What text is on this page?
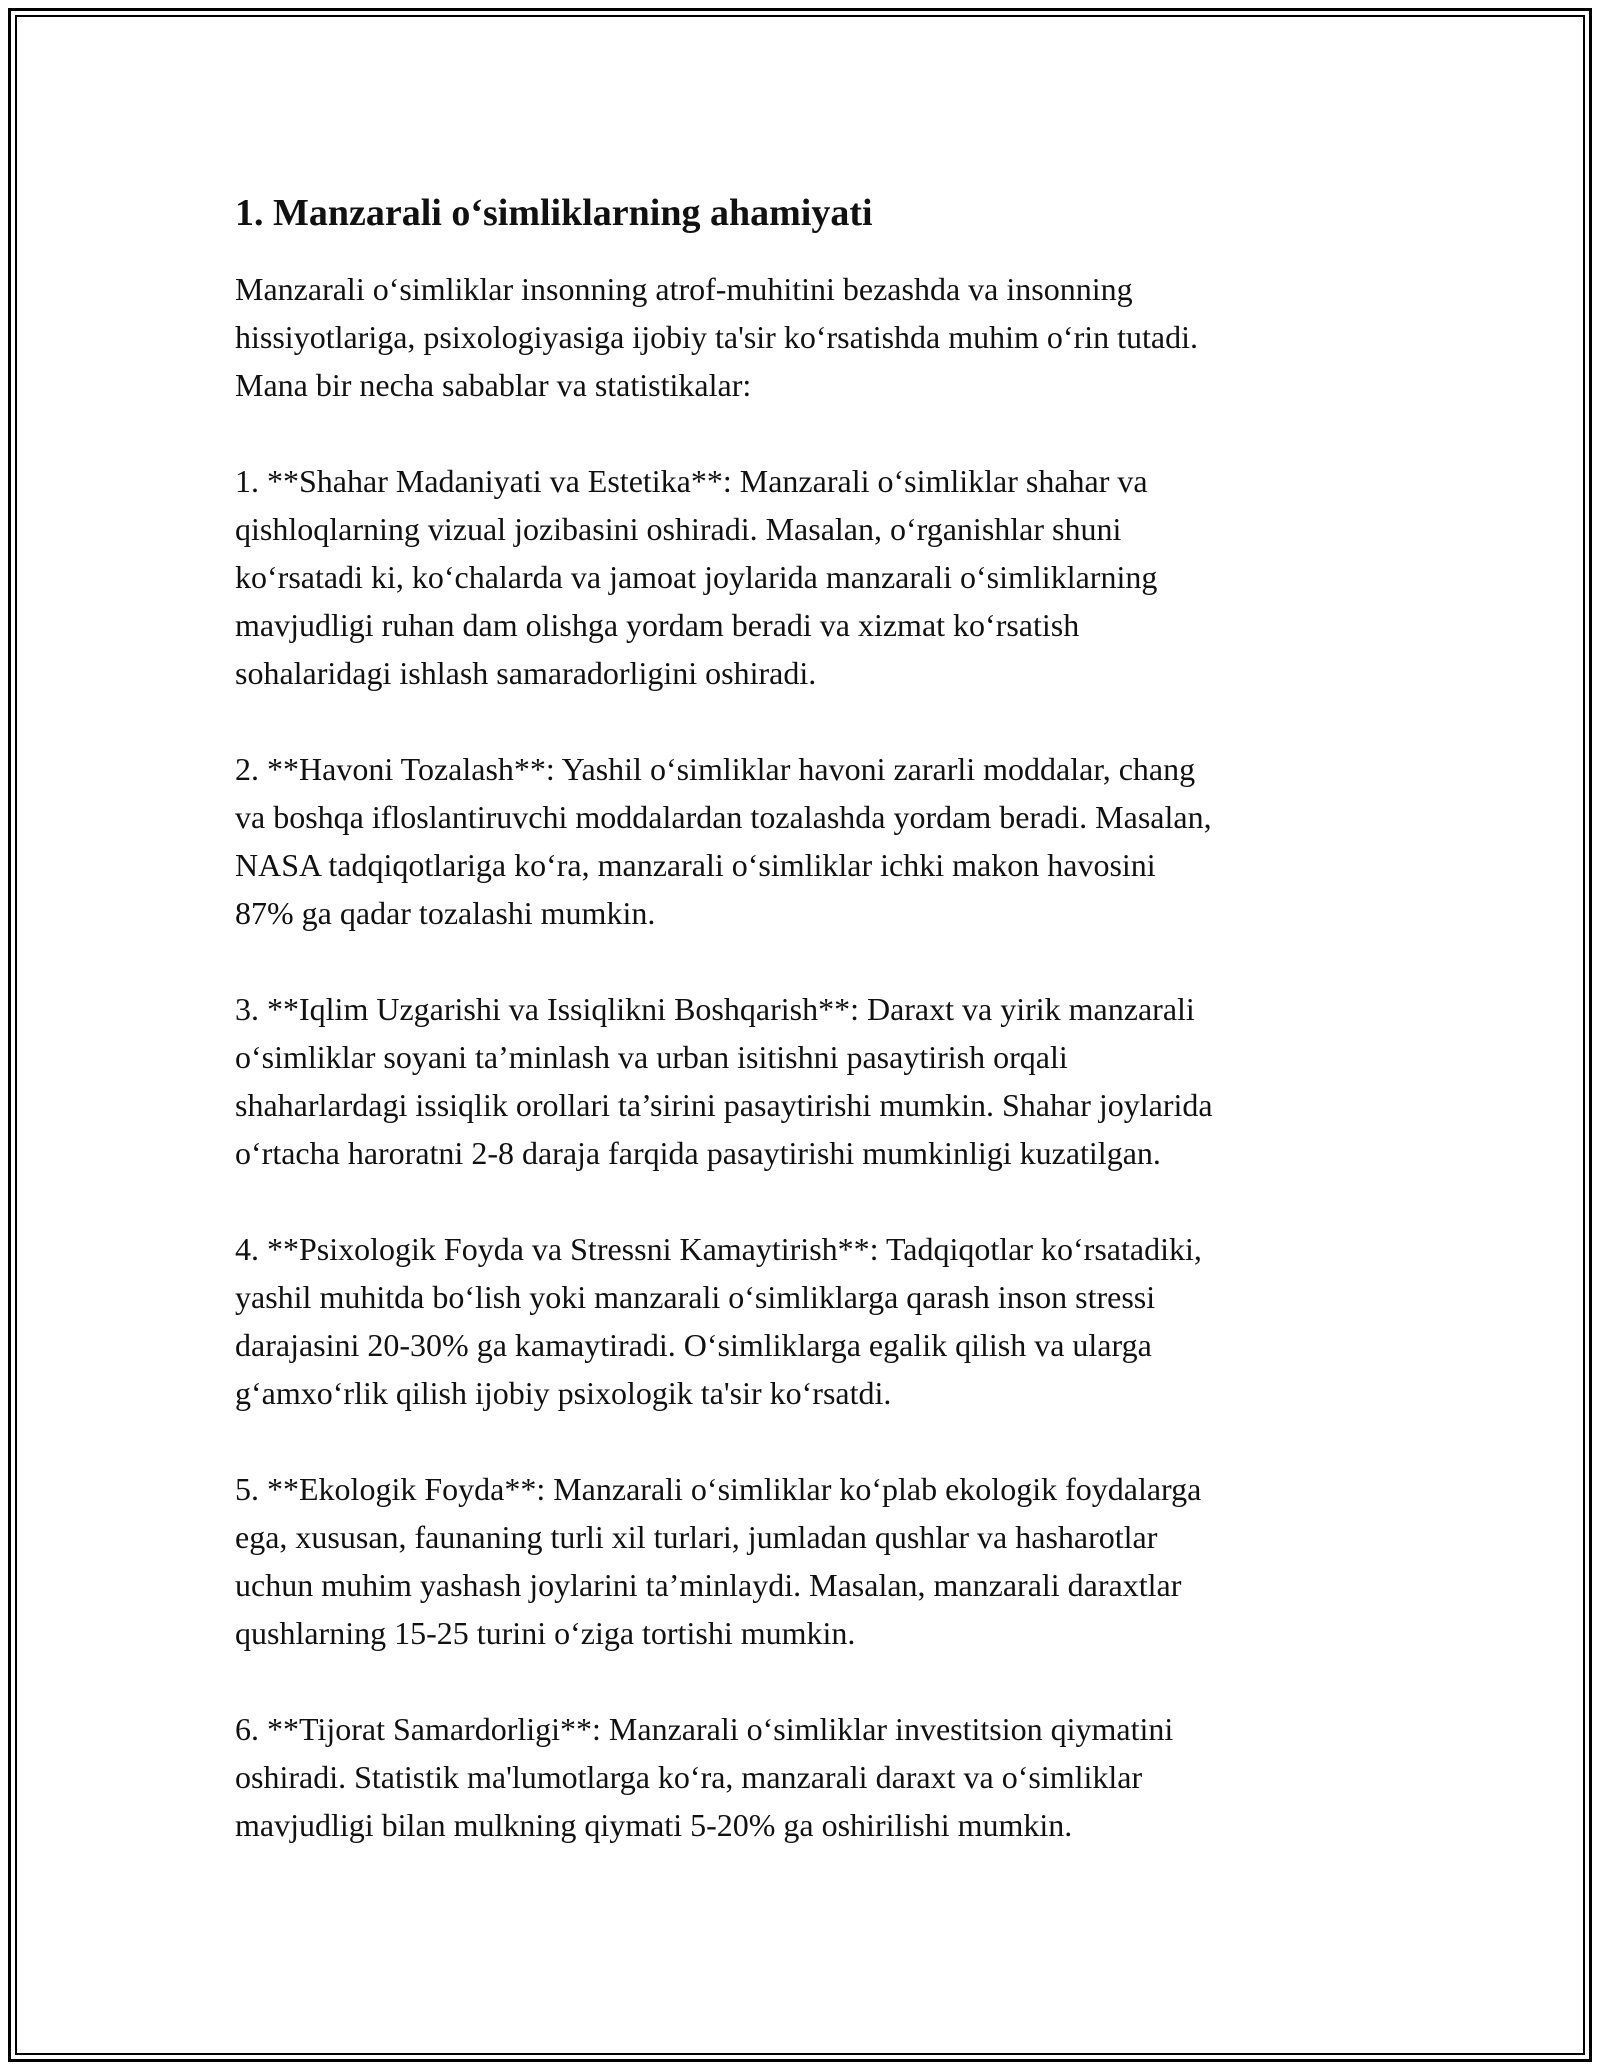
1. Manzarali o‘simliklarning ahamiyati

Manzarali o‘simliklar insonning atrof-muhitini bezashda va insonning
hissiyotlariga, psixologiyasiga ijobiy ta'sir ko‘rsatishda muhim o‘rin tutadi.
Mana bir necha sabablar va statistikalar:

1. **Shahar Madaniyati va Estetika**: Manzarali o‘simliklar shahar va
qishloqlarning vizual jozibasini oshiradi. Masalan, o‘rganishlar shuni
ko‘rsatadi ki, ko‘chalarda va jamoat joylarida manzarali o‘simliklarning
mavjudligi ruhan dam olishga yordam beradi va xizmat ko‘rsatish
sohalaridagi ishlash samaradorligini oshiradi.

2. **Havoni Tozalash**: Yashil o‘simliklar havoni zararli moddalar, chang
va boshqa ifloslantiruvchi moddalardan tozalashda yordam beradi. Masalan,
NASA tadqiqotlariga ko‘ra, manzarali o‘simliklar ichki makon havosini
87% ga qadar tozalashi mumkin.

3. **Iqlim Uzgarishi va Issiqlikni Boshqarish**: Daraxt va yirik manzarali
o‘simliklar soyani ta’minlash va urban isitishni pasaytirish orqali
shaharlardagi issiqlik orollari ta’sirini pasaytirishi mumkin. Shahar joylarida
o‘rtacha haroratni 2-8 daraja farqida pasaytirishi mumkinligi kuzatilgan.

4. **Psixologik Foyda va Stressni Kamaytirish**: Tadqiqotlar ko‘rsatadiki,
yashil muhitda bo‘lish yoki manzarali o‘simliklarga qarash inson stressi
darajasini 20-30% ga kamaytiradi. O‘simliklarga egalik qilish va ularga
g‘amxo‘rlik qilish ijobiy psixologik ta'sir ko‘rsatdi.

5. **Ekologik Foyda**: Manzarali o‘simliklar ko‘plab ekologik foydalarga
ega, xususan, faunaning turli xil turlari, jumladan qushlar va hasharotlar
uchun muhim yashash joylarini ta’minlaydi. Masalan, manzarali daraxtlar
qushlarning 15-25 turini o‘ziga tortishi mumkin.

6. **Tijorat Samardorligi**: Manzarali o‘simliklar investitsion qiymatini
oshiradi. Statistik ma'lumotlarga ko‘ra, manzarali daraxt va o‘simliklar
mavjudligi bilan mulkning qiymati 5-20% ga oshirilishi mumkin.
